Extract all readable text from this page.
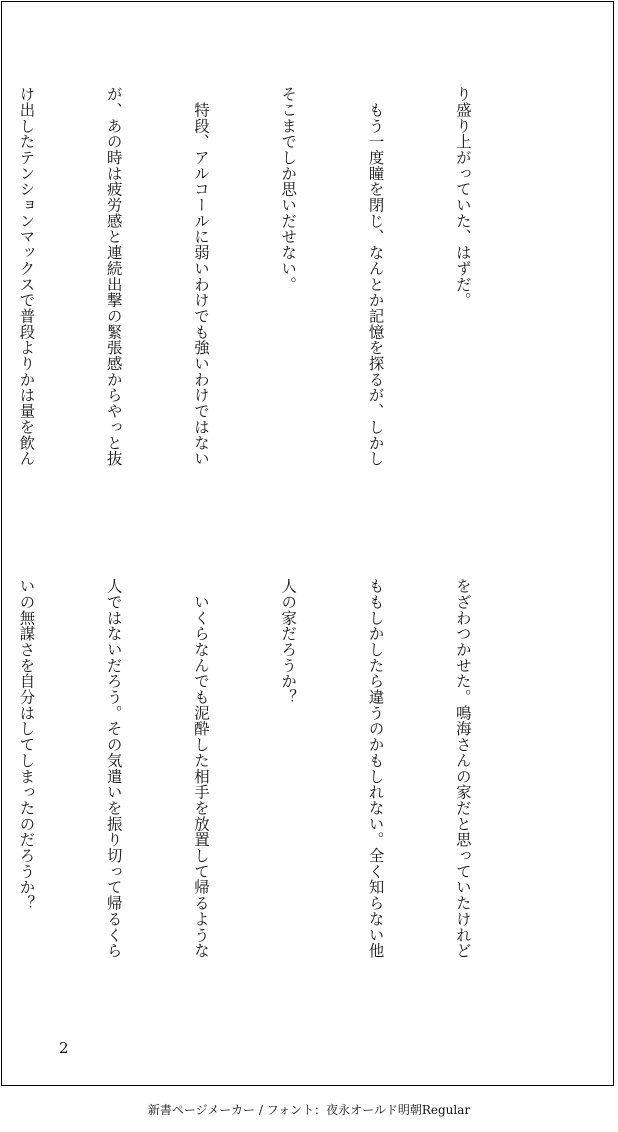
り盛り上がっていた、はずだ。

　もう一度瞳を閉じ、なんとか記憶を探るが、しかし

そこまでしか思いだせない。

　特段、アルコールに弱いわけでも強いわけではない

が、あの時は疲労感と連続出撃の緊張感からやっと抜

け出したテンションマックスで普段よりかは量を飲ん

をざわつかせた。鳴海さんの家だと思っていたけれど

ももしかしたら違うのかもしれない。全く知らない他

人の家だろうか？

　いくらなんでも泥酔した相手を放置して帰るような

人ではないだろう。その気遣いを振り切って帰るくら

いの無謀さを自分はしてしまったのだろうか？

2
新書ページメーカー / フォント：夜永オールド明朝Regular
